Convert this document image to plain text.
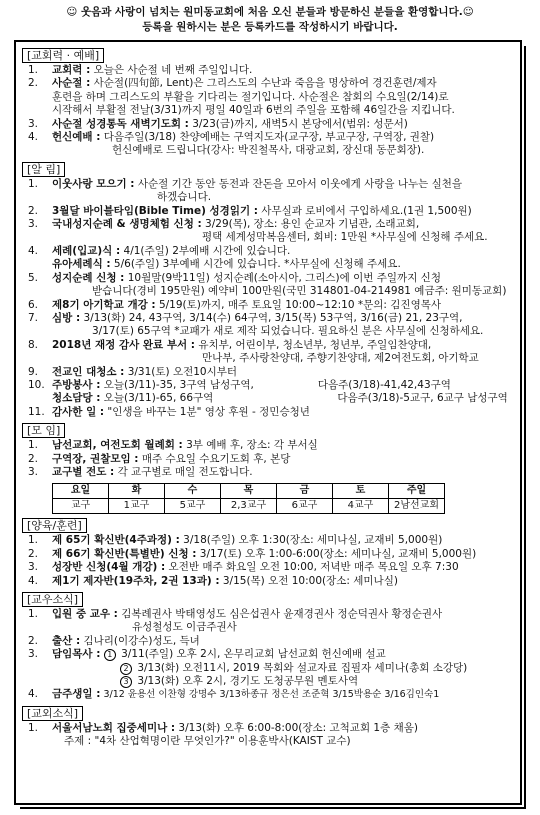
☺ 웃음과 사랑이 넘치는 원미동교회에 처음 오신 분들과 방문하신 분들을 환영합니다.☺
등록을 원하시는 분은 등록카드를 작성하시기 바랍니다.
[교회력 · 예배]
1.	교회력 : 오늘은 사순절 네 번째 주일입니다.
2.	사순절 : 사순절(四旬節, Lent)은 그리스도의 수난과 죽음을 명상하여 경건훈련/제자
훈련을 하며 그리스도의 부활을 기다리는 절기입니다. 사순절은 참회의 수요일(2/14)로
시작해서 부활절 전날(3/31)까지 평일 40일과 6번의 주일을 포함해 46일간을 지킵니다.
3.	사순절 성경통독 새벽기도회 : 3/23(금)까지, 새벽5시 본당에서(범위: 성문서)
4.	헌신예배 : 다음주일(3/18) 찬양예배는 구역지도자(교구장, 부교구장, 구역장, 권찰)
헌신예배로 드립니다(강사: 박진철목사, 대광교회, 장신대 동문회장).
[알 림]
1.	이웃사랑 모으기 : 사순절 기간 동안 동전과 잔돈을 모아서 이웃에게 사랑을 나누는 실천을
하겠습니다.
2.	3월달 바이블타임(Bible Time) 성경읽기 : 사무실과 로비에서 구입하세요.(1권 1,500원)
3.	국내성지순례 & 생명체험 신청 : 3/29(목), 장소: 용인 순교자 기념관, 소래교회,
평택 세계성막복음센터, 회비: 1만원 *사무실에 신청해 주세요.
4.	세례(입교)식 : 4/1(주일) 2부예배 시간에 있습니다.
유아세례식 : 5/6(주일) 3부예배 시간에 있습니다. *사무실에 신청해 주세요.
5.	성지순례 신청 : 10월말(9박11일) 성지순례(소아시아, 그리스)에 이번 주일까지 신청
받습니다(경비 195만원) 예약비 100만원(국민 314801-04-214981 예금주: 원미동교회)
6.	제8기 아기학교 개강 : 5/19(토)까지, 매주 토요일 10:00~12:10 *문의: 김진영목사
7.	심방 : 3/13(화) 24, 43구역, 3/14(수) 64구역, 3/15(목) 53구역, 3/16(금) 21, 23구역,
3/17(토) 65구역 *교패가 새로 제작 되었습니다. 필요하신 분은 사무실에 신청하세요.
8.	2018년 재정 감사 완료 부서 : 유치부, 어린이부, 청소년부, 청년부, 주일임찬양대,
만나부, 주사랑찬양대, 주향기찬양대, 제2여전도회, 아기학교
9.	전교인 대청소 : 3/31(토) 오전10시부터
10. 주방봉사 : 오늘(3/11)-35, 3구역 남성구역,	다음주(3/18)-41,42,43구역
청소담당 : 오늘(3/11)-65, 66구역	다음주(3/18)-5교구, 6교구 남성구역
11. 감사한 일 : "인생을 바꾸는 1분" 영상 후원 - 정민승청년
[모 임]
1.	남선교회, 여전도회 월례회 : 3부 예배 후, 장소: 각 부서실
2.	구역장, 권찰모임 : 매주 수요일 수요기도회 후, 본당
3.	교구별 전도 : 각 교구별로 매일 전도합니다.
요일	화	수	목	금	토	주일
교구	1교구	5교구	2,3교구	6교구	4교구	2남선교회
[양육/훈련]
1.	제 65기 확신반(4주과정) : 3/18(주일) 오후 1:30(장소: 세미나실, 교재비 5,000원)
2.	제 66기 확신반(특별반) 신청 : 3/17(토) 오후 1:00-6:00(장소: 세미나실, 교재비 5,000원)
3.	성장반 신청(4월 개강) : 오전반 매주 화요일 오전 10:00, 저녁반 매주 목요일 오후 7:30
4.	제1기 제자반(19주차, 2권 13과) : 3/15(목) 오전 10:00(장소: 세미나실)
[교우소식]
1.	입원 중 교우 : 김복례권사 박태영성도 심은섭권사 윤재경권사 정순덕권사 황정순권사
유성철성도 이금주권사
2.	출산 : 김나리(이강수)성도, 득녀
3.	담임목사 : 1 3/11(주일) 오후 2시, 온무리교회 남선교회 헌신예배 설교
2 3/13(화) 오전11시, 2019 목회와 설교자료 집필자 세미나(총회 소강당)
3 3/13(화) 오후 2시, 경기도 도청공무원 멘토사역
4.	금주생일 : 3/12 윤용선 이찬형 강명수 3/13하종규 정은선 조준혁 3/15박용순 3/16김인숙1
[교외소식]
1.	서울서남노회 집중세미나 : 3/13(화) 오후 6:00-8:00(장소: 고척교회 1층 채움)
주제 : "4차 산업혁명이란 무엇인가?" 이용훈박사(KAIST 교수)
